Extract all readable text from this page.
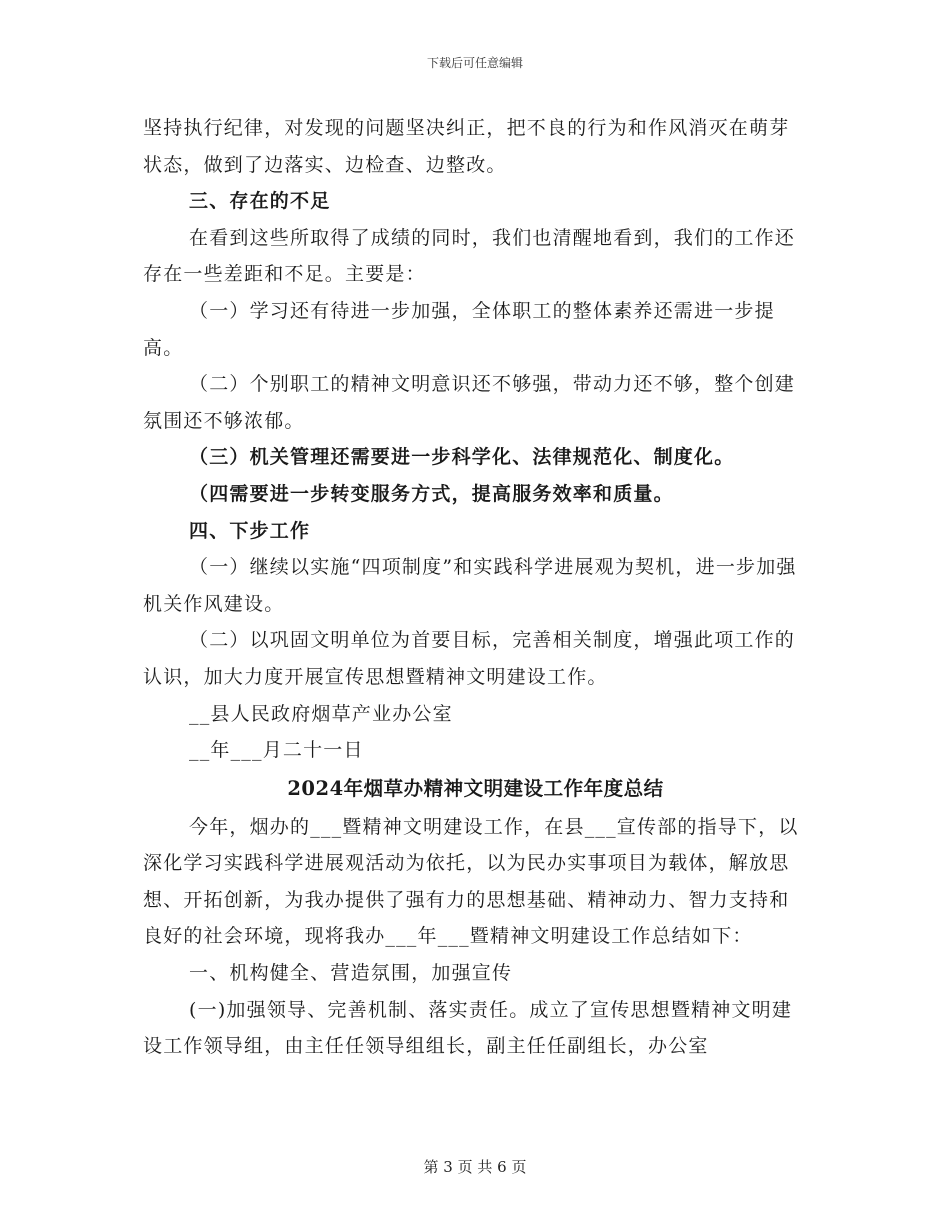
下载后可任意编辑
坚持执行纪律，对发现的问题坚决纠正，把不良的行为和作风消灭在萌芽状态，做到了边落实、边检查、边整改。
三、存在的不足
在看到这些所取得了成绩的同时，我们也清醒地看到，我们的工作还存在一些差距和不足。主要是：
（一）学习还有待进一步加强，全体职工的整体素养还需进一步提高。
（二）个别职工的精神文明意识还不够强，带动力还不够，整个创建氛围还不够浓郁。
（三）机关管理还需要进一步科学化、法律规范化、制度化。
（四需要进一步转变服务方式，提高服务效率和质量。
四、下步工作
（一）继续以实施“四项制度”和实践科学进展观为契机，进一步加强机关作风建设。
（二）以巩固文明单位为首要目标，完善相关制度，增强此项工作的认识，加大力度开展宣传思想暨精神文明建设工作。
__县人民政府烟草产业办公室
__年___月二十一日
2024年烟草办精神文明建设工作年度总结
今年，烟办的___暨精神文明建设工作，在县___宣传部的指导下，以深化学习实践科学进展观活动为依托，以为民办实事项目为载体，解放思想、开拓创新，为我办提供了强有力的思想基础、精神动力、智力支持和良好的社会环境，现将我办___年___暨精神文明建设工作总结如下：
一、机构健全、营造氛围，加强宣传
(一)加强领导、完善机制、落实责任。成立了宣传思想暨精神文明建设工作领导组，由主任任领导组组长，副主任任副组长，办公室
第 3 页 共 6 页
